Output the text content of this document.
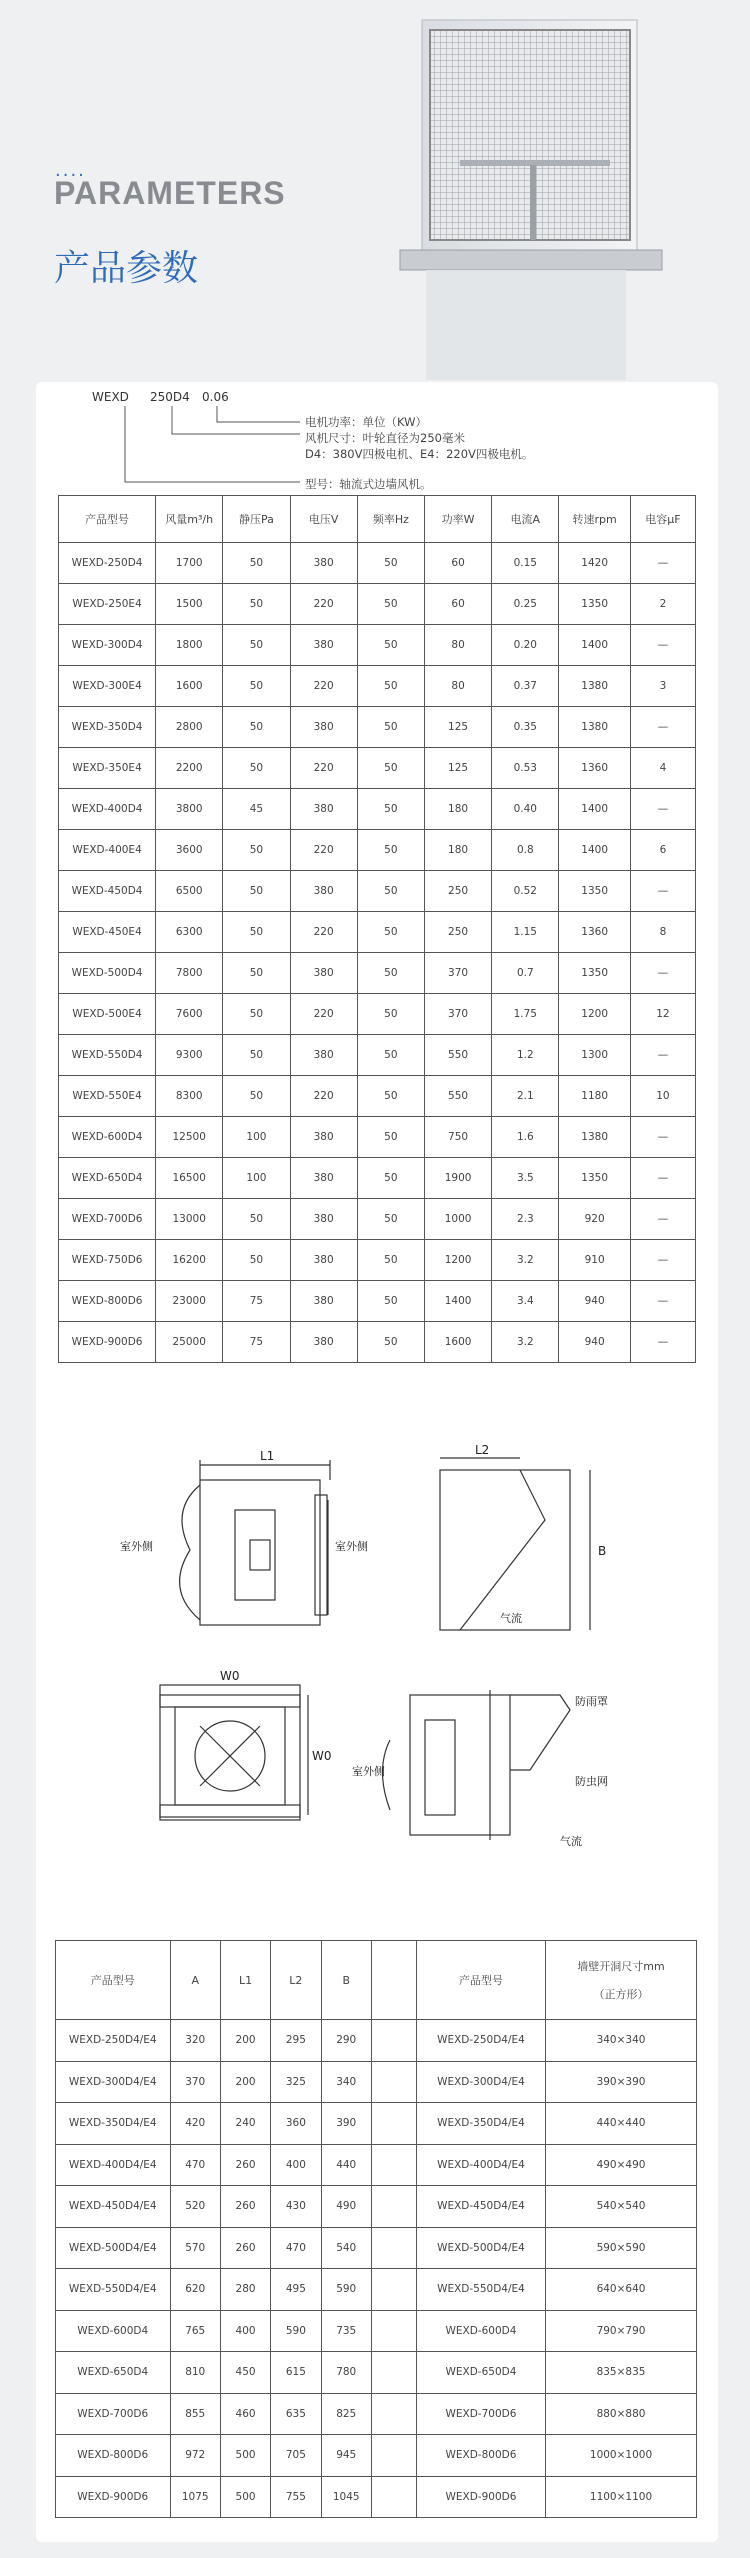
....
PARAMETERS
产品参数
WEXD 250D4 0.06
电机功率：单位（KW）
风机尺寸：叶轮直径为250毫米
D4：380V四极电机、E4：220V四极电机。
型号：轴流式边墙风机。
产品型号	风量m³/h	静压Pa	电压V	频率Hz	功率W	电流A	转速rpm	电容μF
WEXD-250D4	1700	50	380	50	60	0.15	1420	—
WEXD-250E4	1500	50	220	50	60	0.25	1350	2
WEXD-300D4	1800	50	380	50	80	0.20	1400	—
WEXD-300E4	1600	50	220	50	80	0.37	1380	3
WEXD-350D4	2800	50	380	50	125	0.35	1380	—
WEXD-350E4	2200	50	220	50	125	0.53	1360	4
WEXD-400D4	3800	45	380	50	180	0.40	1400	—
WEXD-400E4	3600	50	220	50	180	0.8	1400	6
WEXD-450D4	6500	50	380	50	250	0.52	1350	—
WEXD-450E4	6300	50	220	50	250	1.15	1360	8
WEXD-500D4	7800	50	380	50	370	0.7	1350	—
WEXD-500E4	7600	50	220	50	370	1.75	1200	12
WEXD-550D4	9300	50	380	50	550	1.2	1300	—
WEXD-550E4	8300	50	220	50	550	2.1	1180	10
WEXD-600D4	12500	100	380	50	750	1.6	1380	—
WEXD-650D4	16500	100	380	50	1900	3.5	1350	—
WEXD-700D6	13000	50	380	50	1000	2.3	920	—
WEXD-750D6	16200	50	380	50	1200	3.2	910	—
WEXD-800D6	23000	75	380	50	1400	3.4	940	—
WEXD-900D6	25000	75	380	50	1600	3.2	940	—
L1	L2
B
W0
W0
室外侧	室外侧
室外侧
气流
气流
防雨罩
防虫网
产品型号	A	L1	L2	B		产品型号	墙壁开洞尺寸mm
（正方形）

WEXD-250D4/E4	320	200	295	290		WEXD-250D4/E4	340×340
WEXD-300D4/E4	370	200	325	340		WEXD-300D4/E4	390×390
WEXD-350D4/E4	420	240	360	390		WEXD-350D4/E4	440×440
WEXD-400D4/E4	470	260	400	440		WEXD-400D4/E4	490×490
WEXD-450D4/E4	520	260	430	490		WEXD-450D4/E4	540×540
WEXD-500D4/E4	570	260	470	540		WEXD-500D4/E4	590×590
WEXD-550D4/E4	620	280	495	590		WEXD-550D4/E4	640×640
WEXD-600D4	765	400	590	735		WEXD-600D4	790×790
WEXD-650D4	810	450	615	780		WEXD-650D4	835×835
WEXD-700D6	855	460	635	825		WEXD-700D6	880×880
WEXD-800D6	972	500	705	945		WEXD-800D6	1000×1000
WEXD-900D6	1075	500	755	1045		WEXD-900D6	1100×1100
